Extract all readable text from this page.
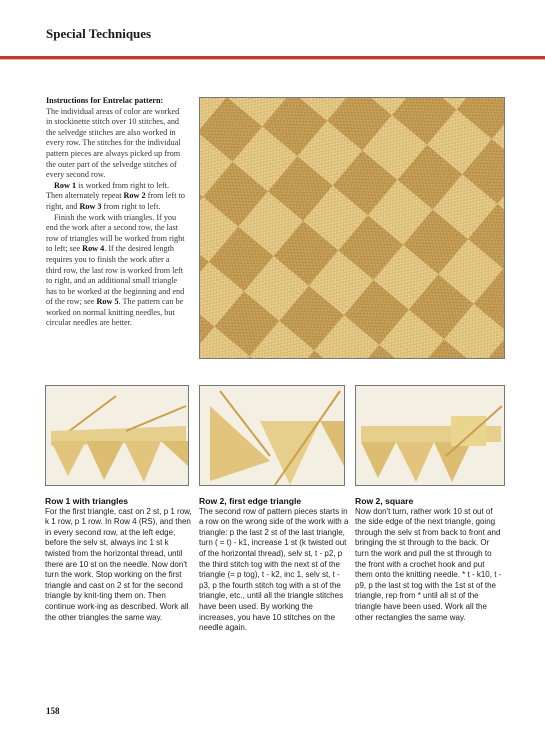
Special Techniques

Instructions for Entrelac pattern:

The individual areas of color are worked in stockinette stitch over 10 stitches, and the selvedge stitches are also worked in every row. The stitches for the individual pattern pieces are always picked up from the outer part of the selvedge stitches of every second row.

Row 1 is worked from right to left. Then alternately repeat Row 2 from left to right, and Row 3 from right to left.

Finish the work with triangles. If you end the work after a second row, the last row of triangles will be worked from right to left; see Row 4. If the desired length requires you to finish the work after a third row, the last row is worked from left to right, and an additional small triangle has to be worked at the beginning and end of the row; see Row 5. The pattern can be worked on normal knitting needles, but circular needles are better.

Row 1 with triangles

For the first triangle, cast on 2 st, p 1 row, k 1 row, p 1 row. In Row 4 (RS), and then in every second row, at the left edge, before the selv st, always inc 1 st k twisted from the horizontal thread, until there are 10 st on the needle. Now don't turn the work. Stop working on the first triangle and cast on 2 st for the second triangle by knit-ting them on. Then continue work-ing as described. Work all the other triangles the same way.

Row 2, first edge triangle

The second row of pattern pieces starts in a row on the wrong side of the work with a triangle: p the last 2 st of the last triangle, turn ( = t) - k1, increase 1 st (k twisted out of the horizontal thread), selv st, t - p2, p the third stitch tog with the next st of the triangle (= p tog), t - k2, inc 1, selv st, t - p3, p the fourth stitch tog with a st of the triangle, etc., until all the triangle stitches have been used. By working the increases, you have 10 stitches on the needle again.

Row 2, square

Now don't turn, rather work 10 st out of the side edge of the next triangle, going through the selv st from back to front and bringing the st through to the back. Or turn the work and pull the st through to the front with a crochet hook and put them onto the knitting needle. * t - k10, t - p9, p the last st tog with the 1st st of the triangle, rep from * until all st of the triangle have been used. Work all the other rectangles the same way.

158
